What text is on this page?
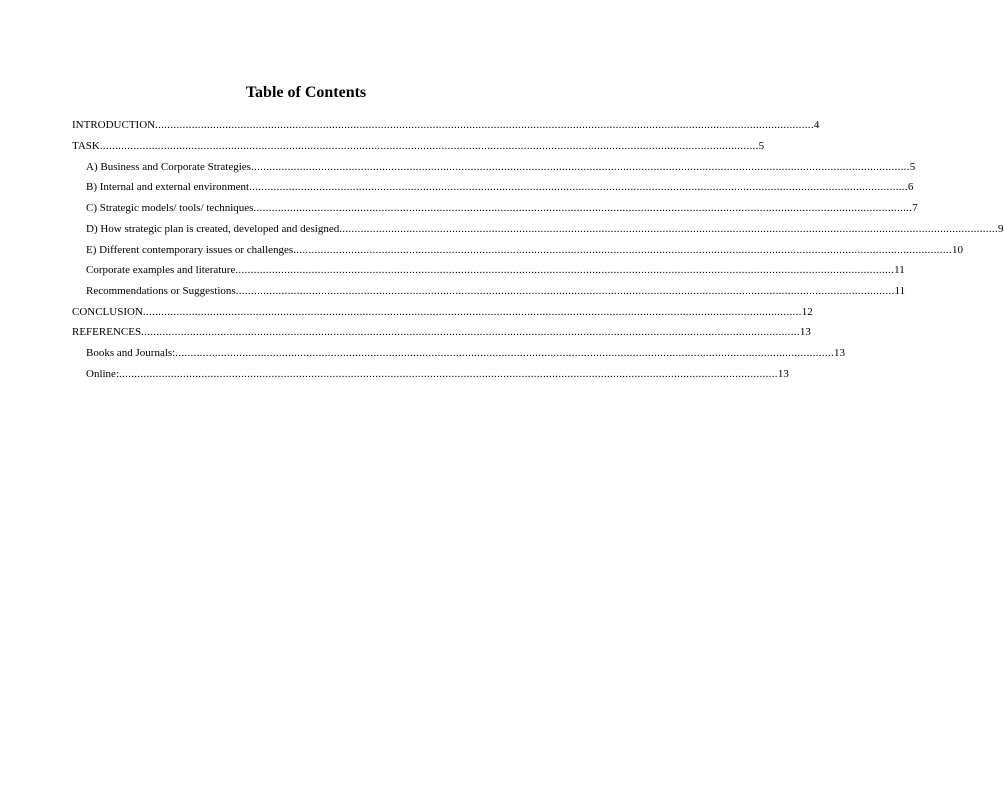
Table of Contents
INTRODUCTION ........................................................................................................................................................................................................................ 4
TASK ........................................................................................................................................................................................................................ 5
A) Business and Corporate Strategies ........................................................................................................................................................................................................................ 5
B) Internal and external environment ........................................................................................................................................................................................................................ 6
C) Strategic models/ tools/ techniques ........................................................................................................................................................................................................................ 7
D) How strategic plan is created, developed and designed ........................................................................................................................................................................................................................ 9
E) Different contemporary issues or challenges ........................................................................................................................................................................................................................ 10
Corporate examples and literature ........................................................................................................................................................................................................................ 11
Recommendations or Suggestions ........................................................................................................................................................................................................................ 11
CONCLUSION ........................................................................................................................................................................................................................ 12
REFERENCES ........................................................................................................................................................................................................................ 13
Books and Journals: ........................................................................................................................................................................................................................ 13
Online: ........................................................................................................................................................................................................................ 13
